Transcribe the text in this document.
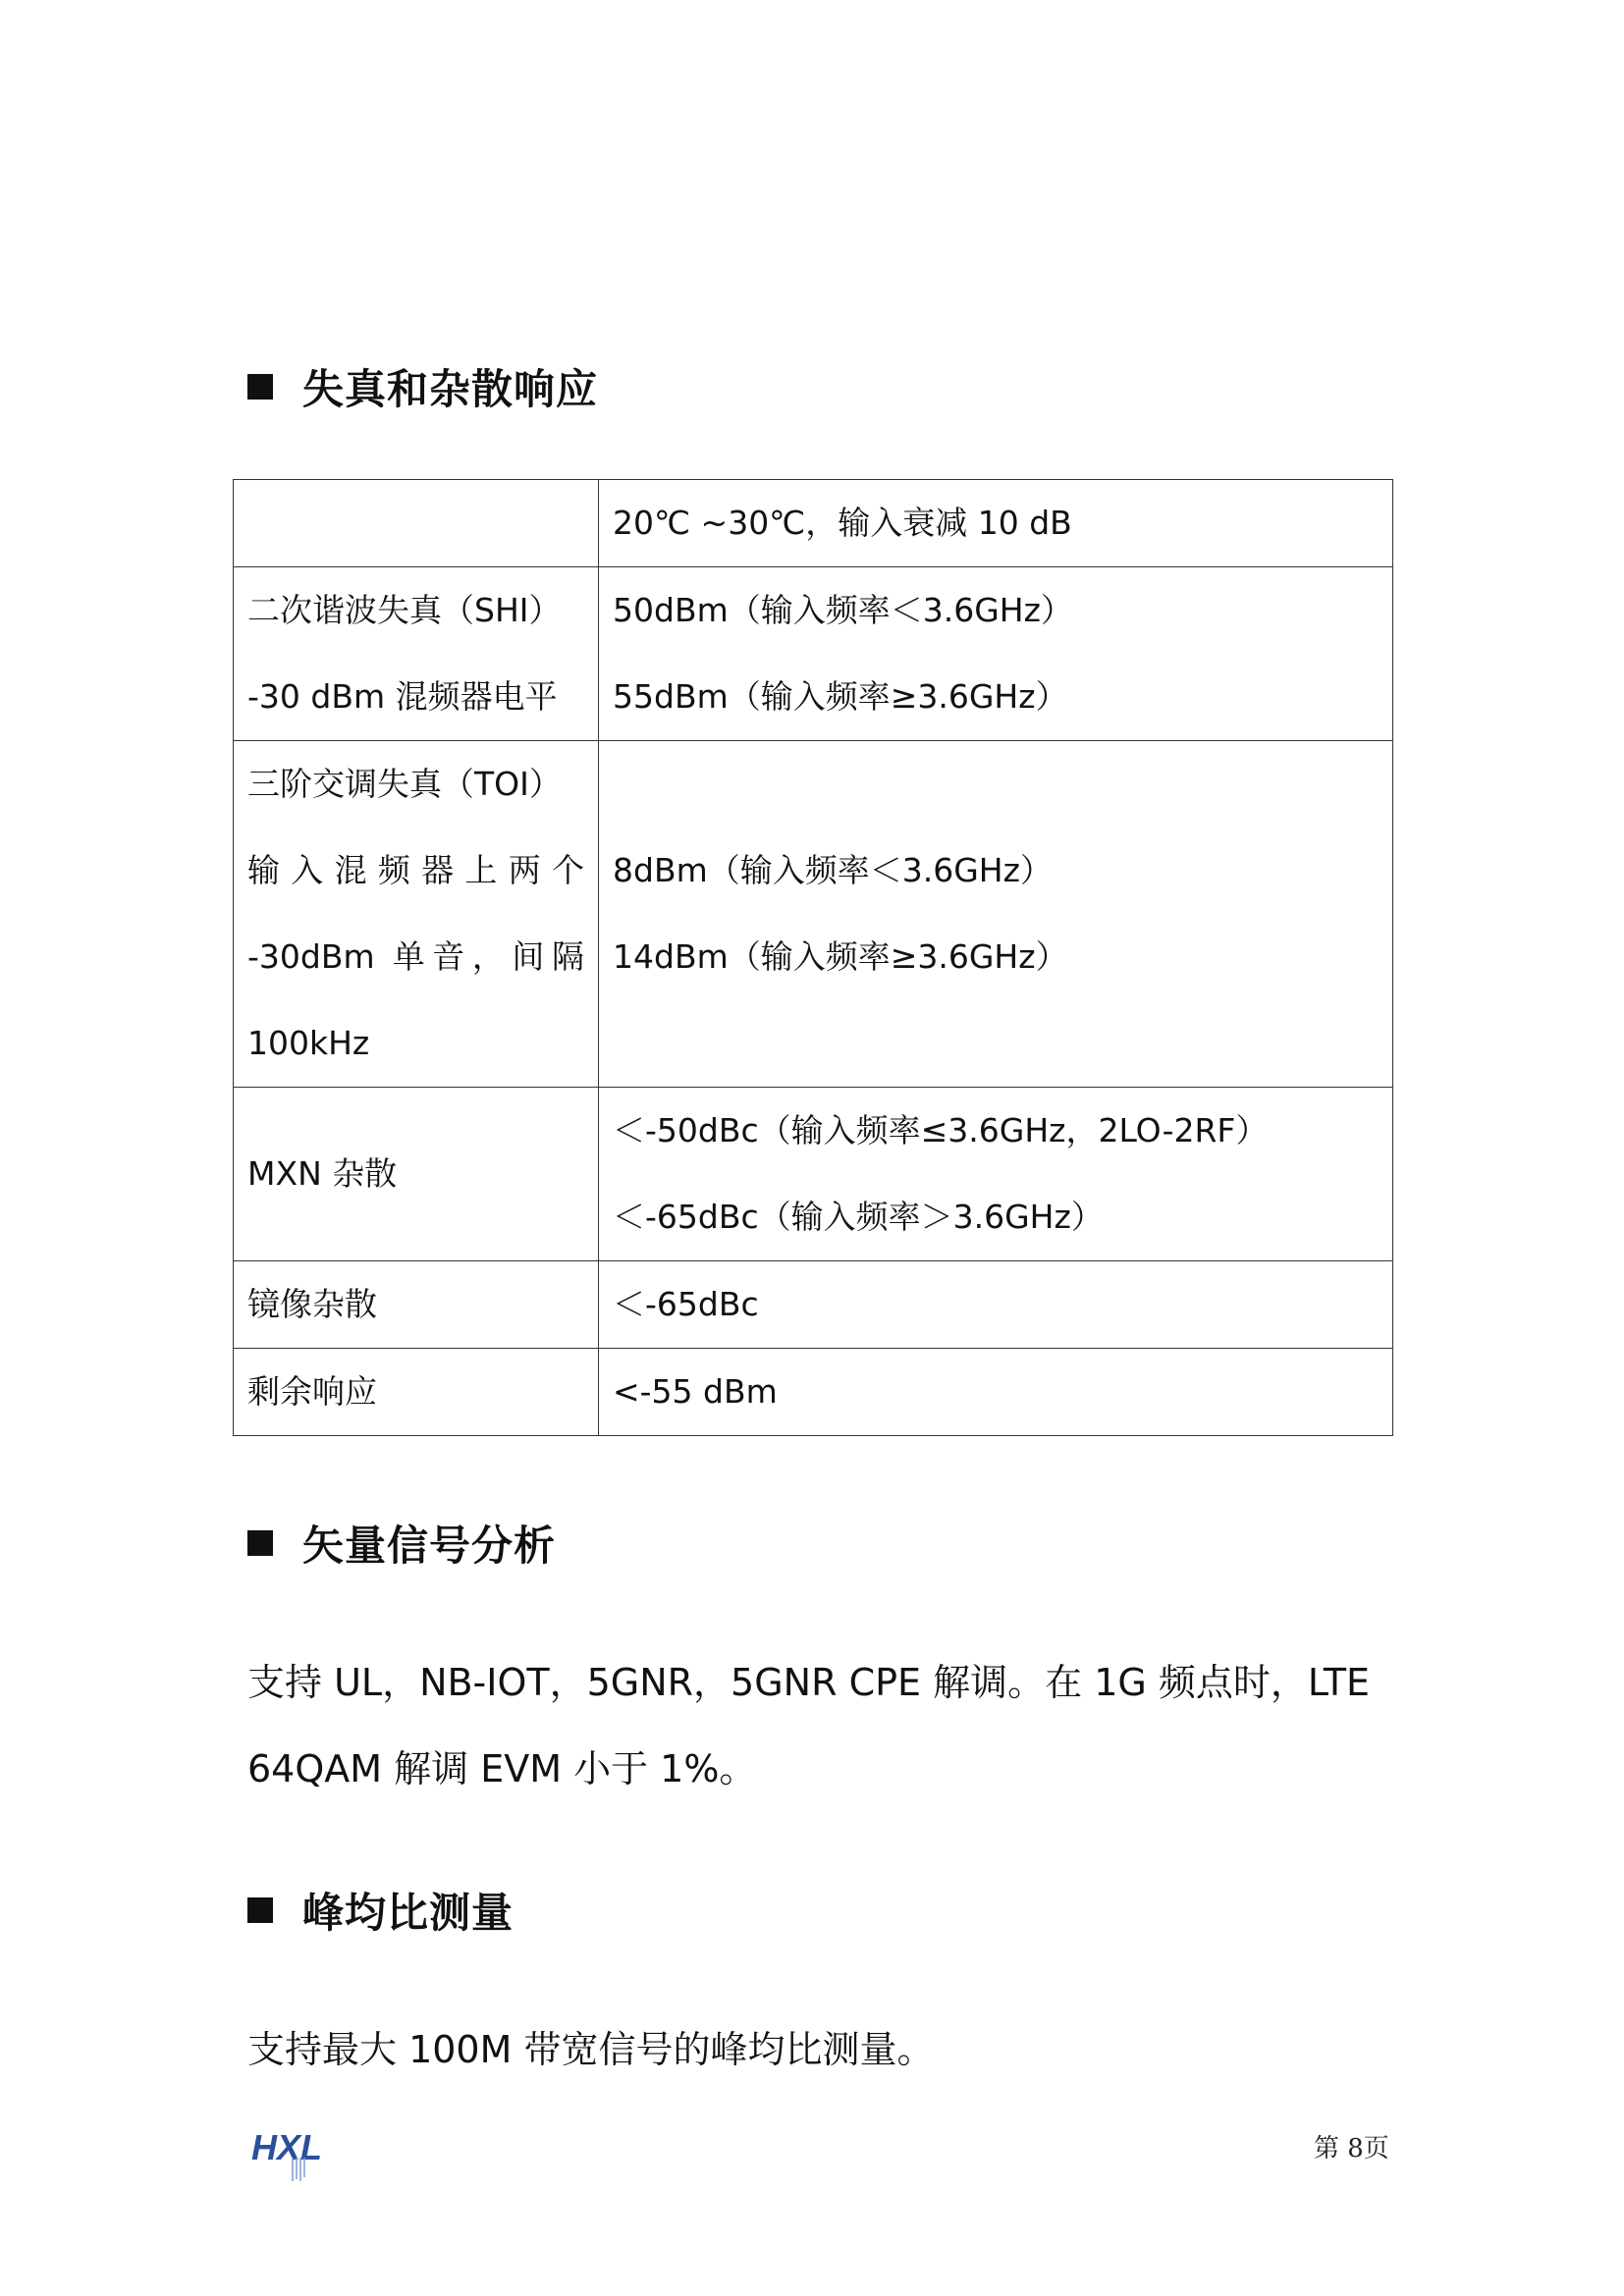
失真和杂散响应

	20℃ ~30℃，输入衰减 10 dB

二次谐波失真（SHI）
-30 dBm 混频器电平	50dBm（输入频率＜3.6GHz）
55dBm（输入频率≥3.6GHz）

三阶交调失真（TOI）
输入混频器上两个
-30dBm 单音，间隔
100kHz	8dBm（输入频率＜3.6GHz）
14dBm（输入频率≥3.6GHz）

MXN 杂散	＜-50dBc（输入频率≤3.6GHz，2LO-2RF）
＜-65dBc（输入频率＞3.6GHz）

镜像杂散	＜-65dBc

剩余响应	<-55 dBm
矢量信号分析
支持 UL，NB-IOT，5GNR，5GNR CPE 解调。在 1G 频点时，LTE
64QAM 解调 EVM 小于 1%。
峰均比测量
支持最大 100M 带宽信号的峰均比测量。
HXL	第 8页
